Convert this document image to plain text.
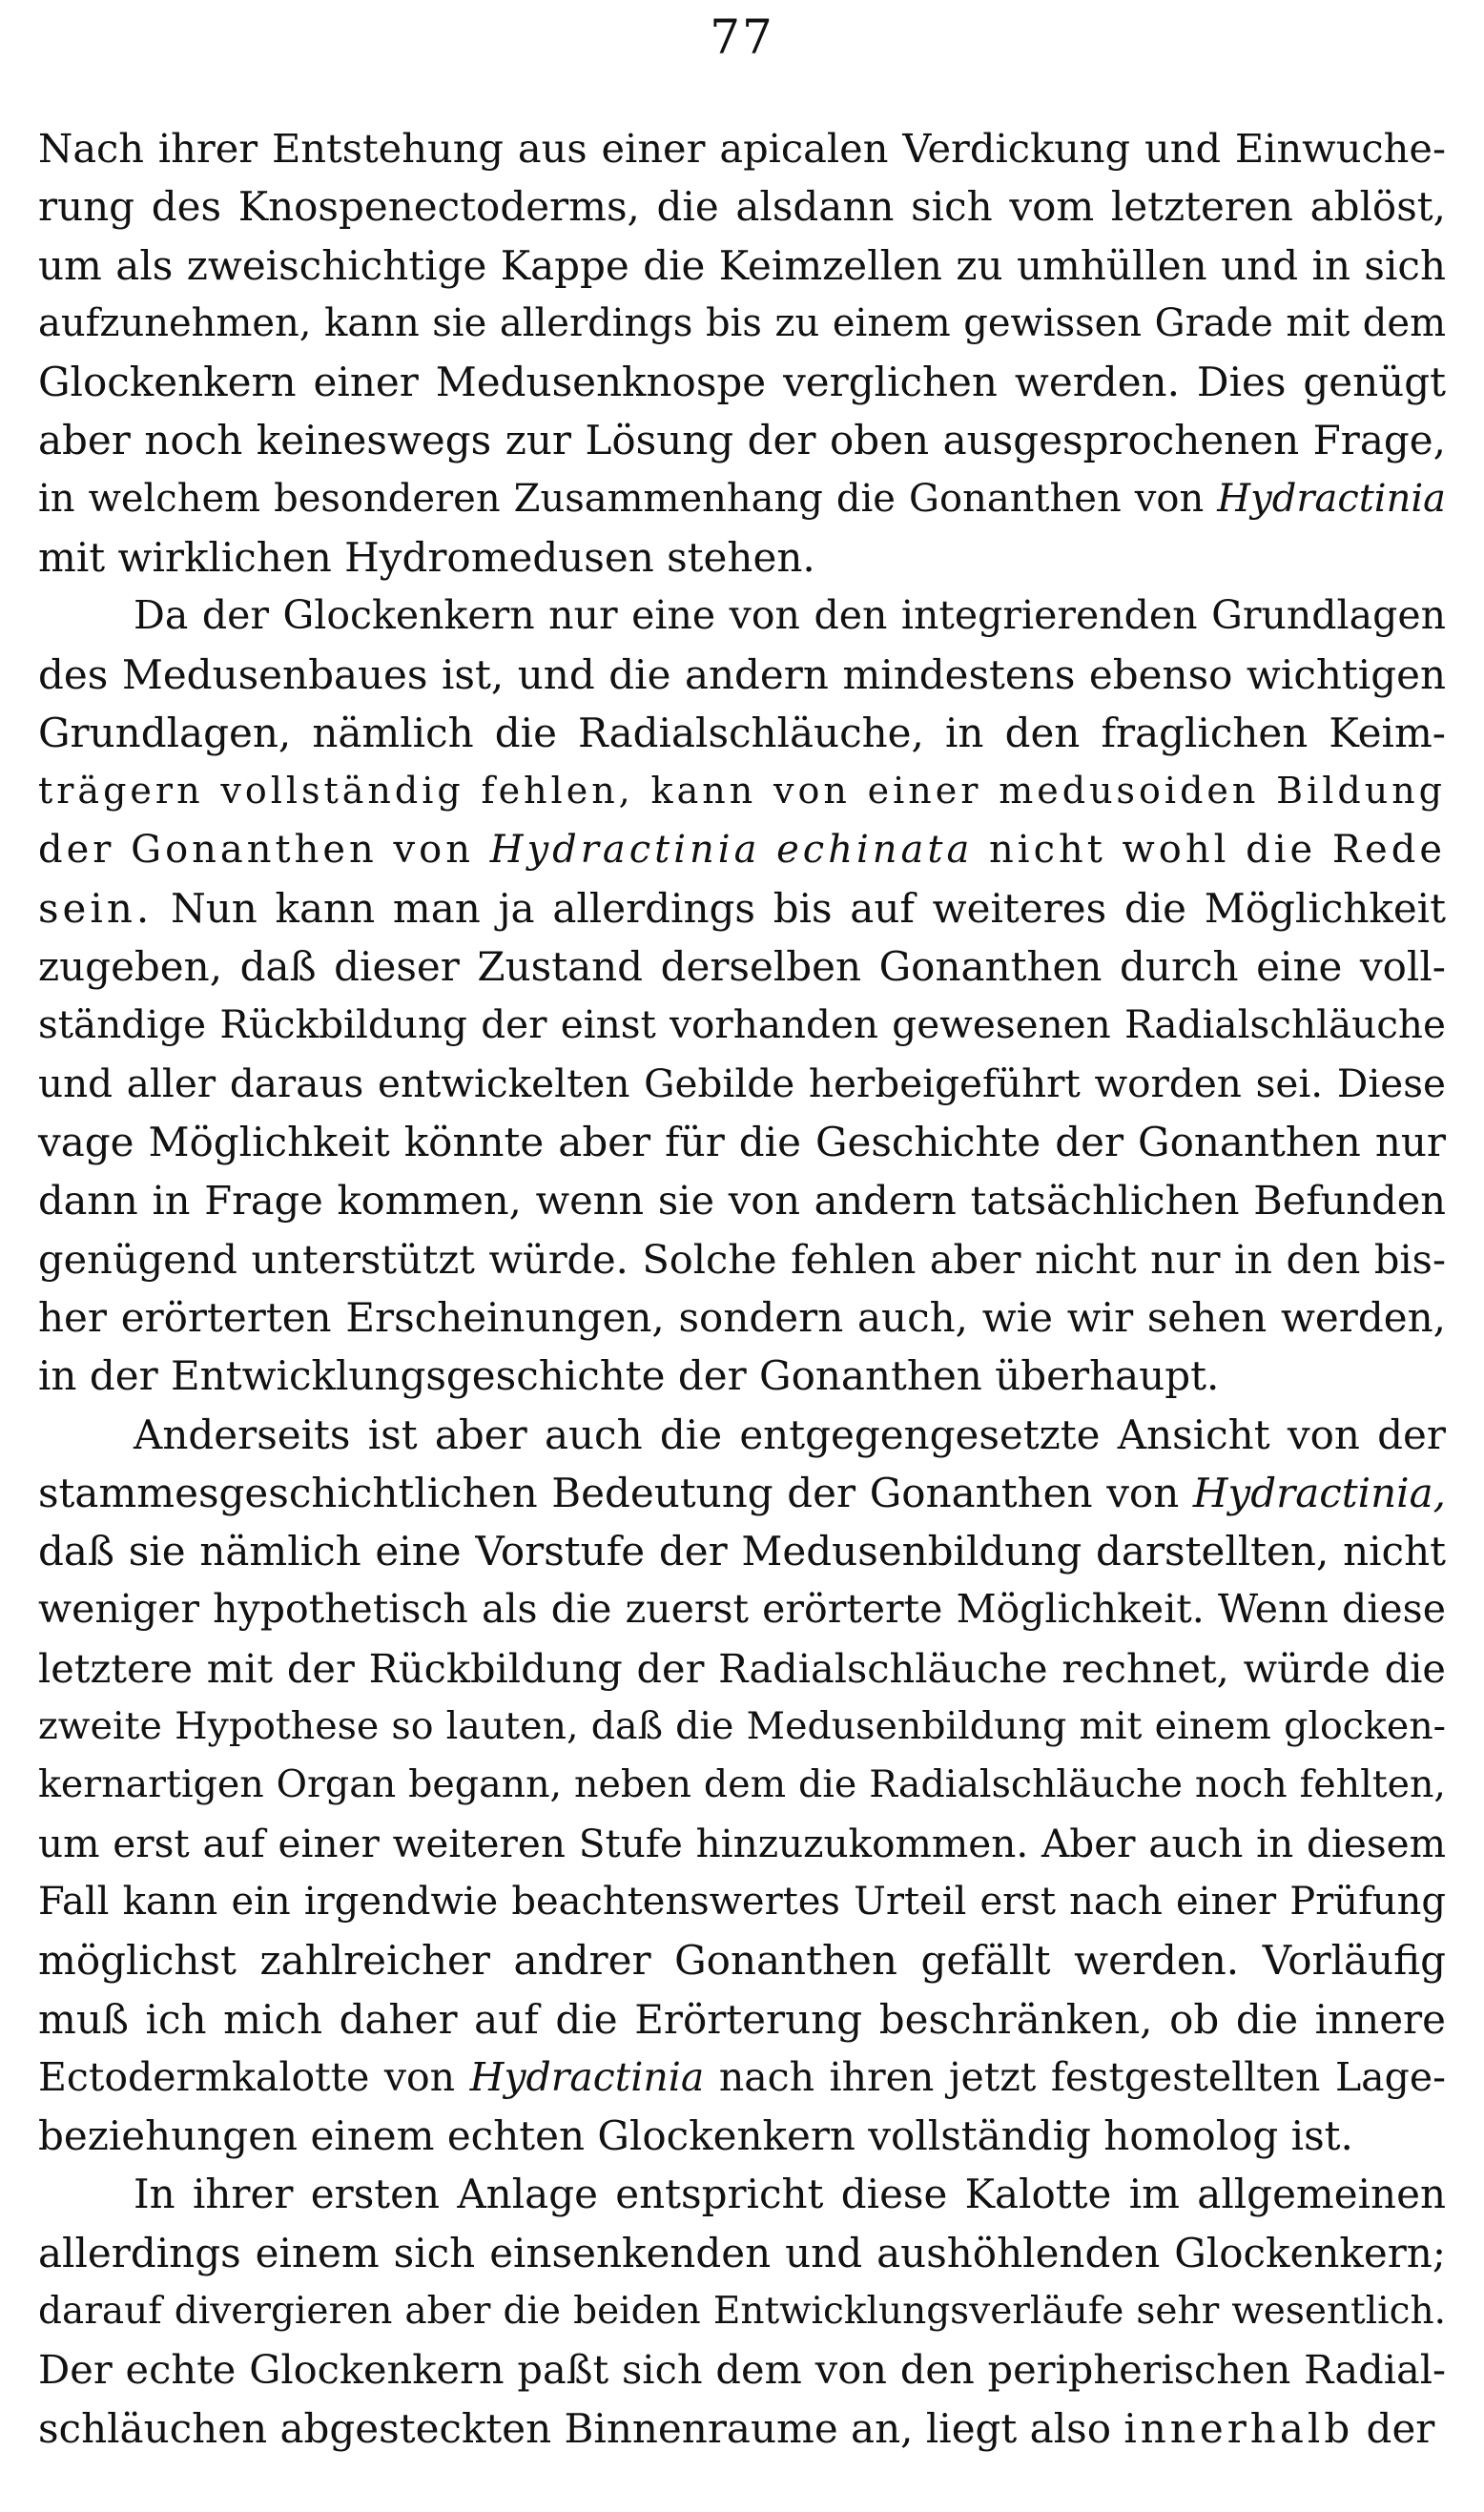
77
Nach ihrer Entstehung aus einer apicalen Verdickung und Einwuche-
rung des Knospenectoderms, die alsdann sich vom letzteren ablöst,
um als zweischichtige Kappe die Keimzellen zu umhüllen und in sich
aufzunehmen, kann sie allerdings bis zu einem gewissen Grade mit dem
Glockenkern einer Medusenknospe verglichen werden. Dies genügt
aber noch keineswegs zur Lösung der oben ausgesprochenen Frage,
in welchem besonderen Zusammenhang die Gonanthen von Hydractinia
mit wirklichen Hydromedusen stehen.
Da der Glockenkern nur eine von den integrierenden Grundlagen
des Medusenbaues ist, und die andern mindestens ebenso wichtigen
Grundlagen, nämlich die Radialschläuche, in den fraglichen Keim-
trägern vollständig fehlen, kann von einer medusoiden Bildung
der Gonanthen von Hydractinia echinata nicht wohl die Rede
sein. Nun kann man ja allerdings bis auf weiteres die Möglichkeit
zugeben, daß dieser Zustand derselben Gonanthen durch eine voll-
ständige Rückbildung der einst vorhanden gewesenen Radialschläuche
und aller daraus entwickelten Gebilde herbeigeführt worden sei. Diese
vage Möglichkeit könnte aber für die Geschichte der Gonanthen nur
dann in Frage kommen, wenn sie von andern tatsächlichen Befunden
genügend unterstützt würde. Solche fehlen aber nicht nur in den bis-
her erörterten Erscheinungen, sondern auch, wie wir sehen werden,
in der Entwicklungsgeschichte der Gonanthen überhaupt.
Anderseits ist aber auch die entgegengesetzte Ansicht von der
stammesgeschichtlichen Bedeutung der Gonanthen von Hydractinia,
daß sie nämlich eine Vorstufe der Medusenbildung darstellten, nicht
weniger hypothetisch als die zuerst erörterte Möglichkeit. Wenn diese
letztere mit der Rückbildung der Radialschläuche rechnet, würde die
zweite Hypothese so lauten, daß die Medusenbildung mit einem glocken-
kernartigen Organ begann, neben dem die Radialschläuche noch fehlten,
um erst auf einer weiteren Stufe hinzuzukommen. Aber auch in diesem
Fall kann ein irgendwie beachtenswertes Urteil erst nach einer Prüfung
möglichst zahlreicher andrer Gonanthen gefällt werden. Vorläufig
muß ich mich daher auf die Erörterung beschränken, ob die innere
Ectodermkalotte von Hydractinia nach ihren jetzt festgestellten Lage-
beziehungen einem echten Glockenkern vollständig homolog ist.
In ihrer ersten Anlage entspricht diese Kalotte im allgemeinen
allerdings einem sich einsenkenden und aushöhlenden Glockenkern;
darauf divergieren aber die beiden Entwicklungsverläufe sehr wesentlich.
Der echte Glockenkern paßt sich dem von den peripherischen Radial-
schläuchen abgesteckten Binnenraume an, liegt also innerhalb der
